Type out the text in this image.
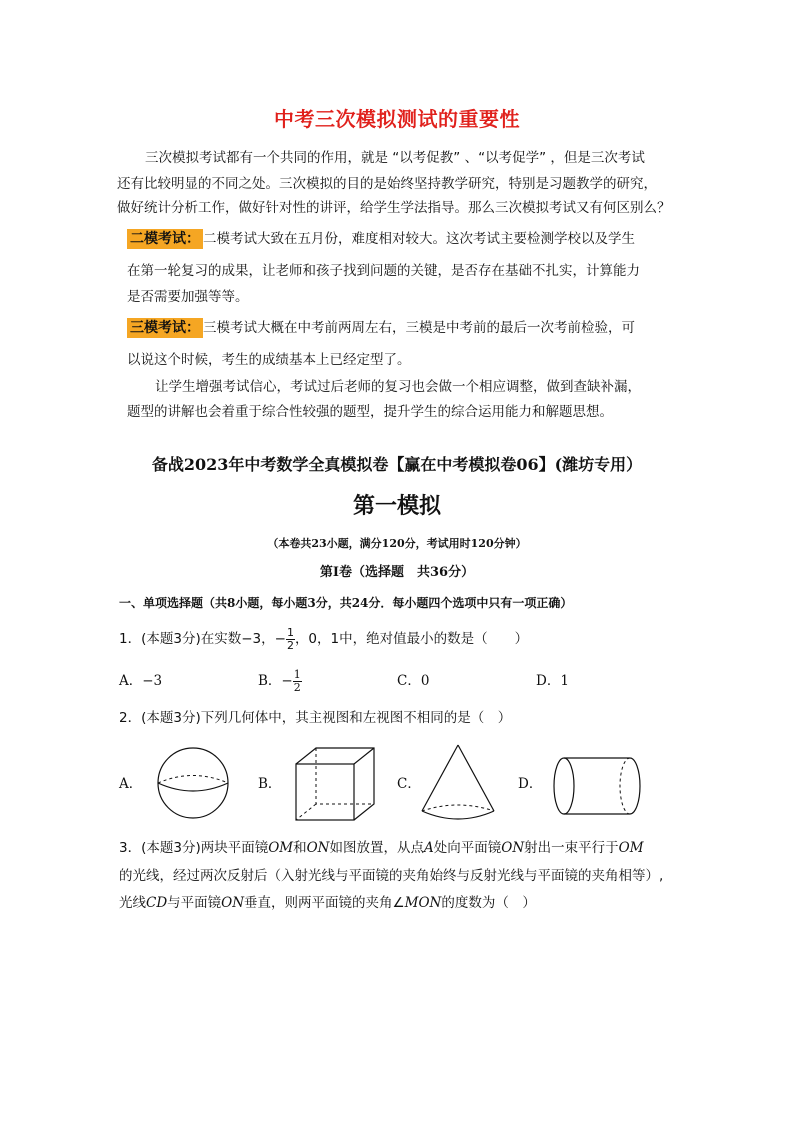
中考三次模拟测试的重要性
三次模拟考试都有一个共同的作用，就是 “以考促教” 、“以考促学” ，但是三次考试
还有比较明显的不同之处。三次模拟的目的是始终坚持教学研究，特别是习题教学的研究，
做好统计分析工作，做好针对性的讲评，给学生学法指导。那么三次模拟考试又有何区别么？
二模考试： 二模考试大致在五月份，难度相对较大。这次考试主要检测学校以及学生
在第一轮复习的成果，让老师和孩子找到问题的关键，是否存在基础不扎实，计算能力
是否需要加强等等。
三模考试： 三模考试大概在中考前两周左右，三模是中考前的最后一次考前检验，可
以说这个时候，考生的成绩基本上已经定型了。
让学生增强考试信心，考试过后老师的复习也会做一个相应调整，做到查缺补漏，
题型的讲解也会着重于综合性较强的题型，提升学生的综合运用能力和解题思想。
备战2023年中考数学全真模拟卷【赢在中考模拟卷06】(潍坊专用）
第一模拟
（本卷共23小题，满分120分，考试用时120分钟）
第Ⅰ卷（选择题　共36分）
一、单项选择题（共8小题，每小题3分，共24分．每小题四个选项中只有一项正确）
1．(本题3分)在实数−3，− $\frac{1}{2}$ ，0，1中，绝对值最小的数是（　　）
A．−3	B．− $\frac{1}{2}$	C．0	D．1
2．(本题3分)下列几何体中，其主视图和左视图不相同的是（　）
A．	B．	C．	D．
3．(本题3分)两块平面镜OM和ON如图放置，从点A处向平面镜ON射出一束平行于OM
的光线，经过两次反射后（入射光线与平面镜的夹角始终与反射光线与平面镜的夹角相等）,
光线CD与平面镜ON垂直，则两平面镜的夹角∠MON的度数为（　）
